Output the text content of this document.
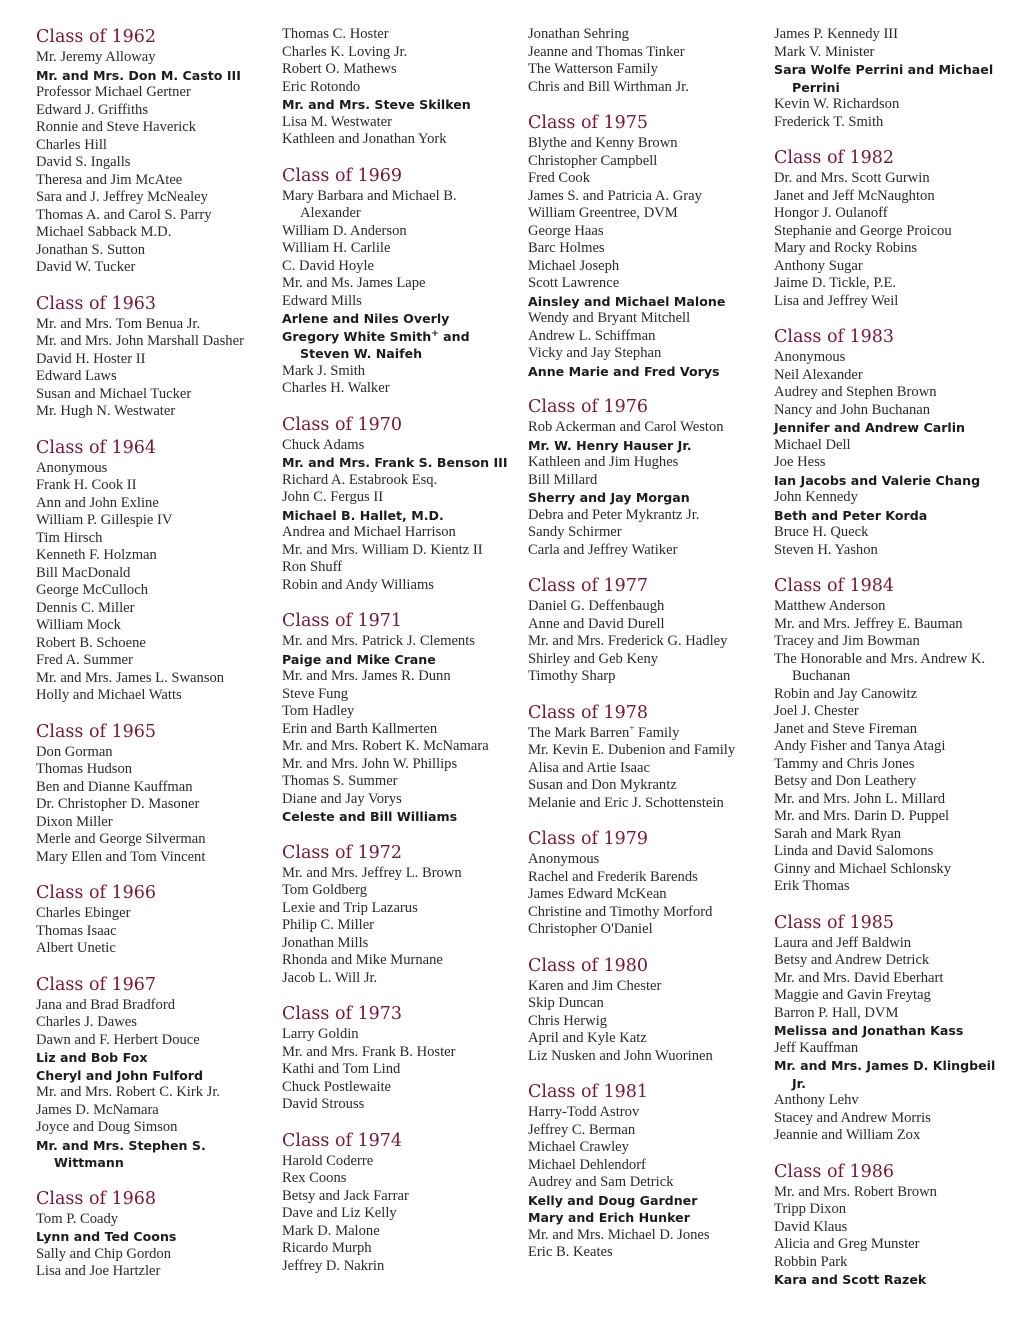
Class of 1962
Mr. Jeremy Alloway
Mr. and Mrs. Don M. Casto III
Professor Michael Gertner
Edward J. Griffiths
Ronnie and Steve Haverick
Charles Hill
David S. Ingalls
Theresa and Jim McAtee
Sara and J. Jeffrey McNealey
Thomas A. and Carol S. Parry
Michael Sabback M.D.
Jonathan S. Sutton
David W. Tucker
Class of 1963
Mr. and Mrs. Tom Benua Jr.
Mr. and Mrs. John Marshall Dasher
David H. Hoster II
Edward Laws
Susan and Michael Tucker
Mr. Hugh N. Westwater
Class of 1964
Anonymous
Frank H. Cook II
Ann and John Exline
William P. Gillespie IV
Tim Hirsch
Kenneth F. Holzman
Bill MacDonald
George McCulloch
Dennis C. Miller
William Mock
Robert B. Schoene
Fred A. Summer
Mr. and Mrs. James L. Swanson
Holly and Michael Watts
Class of 1965
Don Gorman
Thomas Hudson
Ben and Dianne Kauffman
Dr. Christopher D. Masoner
Dixon Miller
Merle and George Silverman
Mary Ellen and Tom Vincent
Class of 1966
Charles Ebinger
Thomas Isaac
Albert Unetic
Class of 1967
Jana and Brad Bradford
Charles J. Dawes
Dawn and F. Herbert Douce
Liz and Bob Fox
Cheryl and John Fulford
Mr. and Mrs. Robert C. Kirk Jr.
James D. McNamara
Joyce and Doug Simson
Mr. and Mrs. Stephen S. Wittmann
Class of 1968
Tom P. Coady
Lynn and Ted Coons
Sally and Chip Gordon
Lisa and Joe Hartzler
Thomas C. Hoster
Charles K. Loving Jr.
Robert O. Mathews
Eric Rotondo
Mr. and Mrs. Steve Skilken
Lisa M. Westwater
Kathleen and Jonathan York
Class of 1969
Mary Barbara and Michael B. Alexander
William D. Anderson
William H. Carlile
C. David Hoyle
Mr. and Ms. James Lape
Edward Mills
Arlene and Niles Overly
Gregory White Smith+ and Steven W. Naifeh
Mark J. Smith
Charles H. Walker
Class of 1970
Chuck Adams
Mr. and Mrs. Frank S. Benson III
Richard A. Estabrook Esq.
John C. Fergus II
Michael B. Hallet, M.D.
Andrea and Michael Harrison
Mr. and Mrs. William D. Kientz II
Ron Shuff
Robin and Andy Williams
Class of 1971
Mr. and Mrs. Patrick J. Clements
Paige and Mike Crane
Mr. and Mrs. James R. Dunn
Steve Fung
Tom Hadley
Erin and Barth Kallmerten
Mr. and Mrs. Robert K. McNamara
Mr. and Mrs. John W. Phillips
Thomas S. Summer
Diane and Jay Vorys
Celeste and Bill Williams
Class of 1972
Mr. and Mrs. Jeffrey L. Brown
Tom Goldberg
Lexie and Trip Lazarus
Philip C. Miller
Jonathan Mills
Rhonda and Mike Murnane
Jacob L. Will Jr.
Class of 1973
Larry Goldin
Mr. and Mrs. Frank B. Hoster
Kathi and Tom Lind
Chuck Postlewaite
David Strouss
Class of 1974
Harold Coderre
Rex Coons
Betsy and Jack Farrar
Dave and Liz Kelly
Mark D. Malone
Ricardo Murph
Jeffrey D. Nakrin
Jonathan Sehring
Jeanne and Thomas Tinker
The Watterson Family
Chris and Bill Wirthman Jr.
Class of 1975
Blythe and Kenny Brown
Christopher Campbell
Fred Cook
James S. and Patricia A. Gray
William Greentree, DVM
George Haas
Barc Holmes
Michael Joseph
Scott Lawrence
Ainsley and Michael Malone
Wendy and Bryant Mitchell
Andrew L. Schiffman
Vicky and Jay Stephan
Anne Marie and Fred Vorys
Class of 1976
Rob Ackerman and Carol Weston
Mr. W. Henry Hauser Jr.
Kathleen and Jim Hughes
Bill Millard
Sherry and Jay Morgan
Debra and Peter Mykrantz Jr.
Sandy Schirmer
Carla and Jeffrey Watiker
Class of 1977
Daniel G. Deffenbaugh
Anne and David Durell
Mr. and Mrs. Frederick G. Hadley
Shirley and Geb Keny
Timothy Sharp
Class of 1978
The Mark Barren+ Family
Mr. Kevin E. Dubenion and Family
Alisa and Artie Isaac
Susan and Don Mykrantz
Melanie and Eric J. Schottenstein
Class of 1979
Anonymous
Rachel and Frederik Barends
James Edward McKean
Christine and Timothy Morford
Christopher O'Daniel
Class of 1980
Karen and Jim Chester
Skip Duncan
Chris Herwig
April and Kyle Katz
Liz Nusken and John Wuorinen
Class of 1981
Harry-Todd Astrov
Jeffrey C. Berman
Michael Crawley
Michael Dehlendorf
Audrey and Sam Detrick
Kelly and Doug Gardner
Mary and Erich Hunker
Mr. and Mrs. Michael D. Jones
Eric B. Keates
James P. Kennedy III
Mark V. Minister
Sara Wolfe Perrini and Michael Perrini
Kevin W. Richardson
Frederick T. Smith
Class of 1982
Dr. and Mrs. Scott Gurwin
Janet and Jeff McNaughton
Hongor J. Oulanoff
Stephanie and George Proicou
Mary and Rocky Robins
Anthony Sugar
Jaime D. Tickle, P.E.
Lisa and Jeffrey Weil
Class of 1983
Anonymous
Neil Alexander
Audrey and Stephen Brown
Nancy and John Buchanan
Jennifer and Andrew Carlin
Michael Dell
Joe Hess
Ian Jacobs and Valerie Chang
John Kennedy
Beth and Peter Korda
Bruce H. Queck
Steven H. Yashon
Class of 1984
Matthew Anderson
Mr. and Mrs. Jeffrey E. Bauman
Tracey and Jim Bowman
The Honorable and Mrs. Andrew K. Buchanan
Robin and Jay Canowitz
Joel J. Chester
Janet and Steve Fireman
Andy Fisher and Tanya Atagi
Tammy and Chris Jones
Betsy and Don Leathery
Mr. and Mrs. John L. Millard
Mr. and Mrs. Darin D. Puppel
Sarah and Mark Ryan
Linda and David Salomons
Ginny and Michael Schlonsky
Erik Thomas
Class of 1985
Laura and Jeff Baldwin
Betsy and Andrew Detrick
Mr. and Mrs. David Eberhart
Maggie and Gavin Freytag
Barron P. Hall, DVM
Melissa and Jonathan Kass
Jeff Kauffman
Mr. and Mrs. James D. Klingbeil Jr.
Anthony Lehv
Stacey and Andrew Morris
Jeannie and William Zox
Class of 1986
Mr. and Mrs. Robert Brown
Tripp Dixon
David Klaus
Alicia and Greg Munster
Robbin Park
Kara and Scott Razek
